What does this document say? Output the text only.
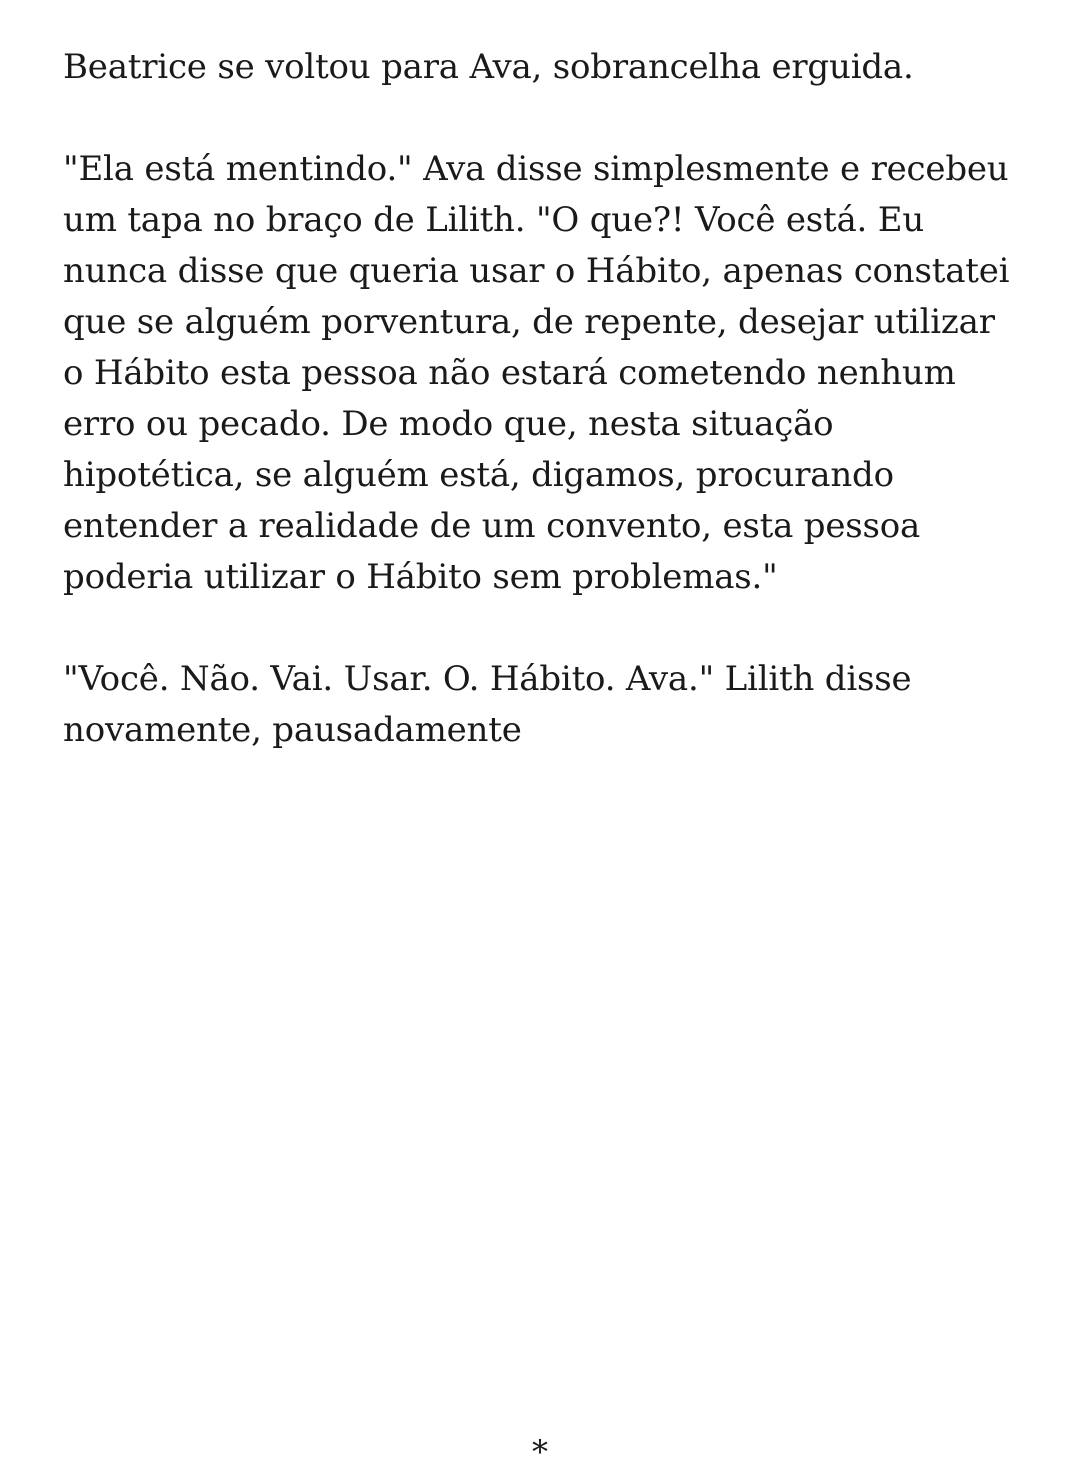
Beatrice se voltou para Ava, sobrancelha erguida.

"Ela está mentindo." Ava disse simplesmente e recebeu um tapa no braço de Lilith. "O que?! Você está. Eu nunca disse que queria usar o Hábito, apenas constatei que se alguém porventura, de repente, desejar utilizar o Hábito esta pessoa não estará cometendo nenhum erro ou pecado. De modo que, nesta situação hipotética, se alguém está, digamos, procurando entender a realidade de um convento, esta pessoa poderia utilizar o Hábito sem problemas."

"Você. Não. Vai. Usar. O. Hábito. Ava." Lilith disse novamente, pausadamente

*
